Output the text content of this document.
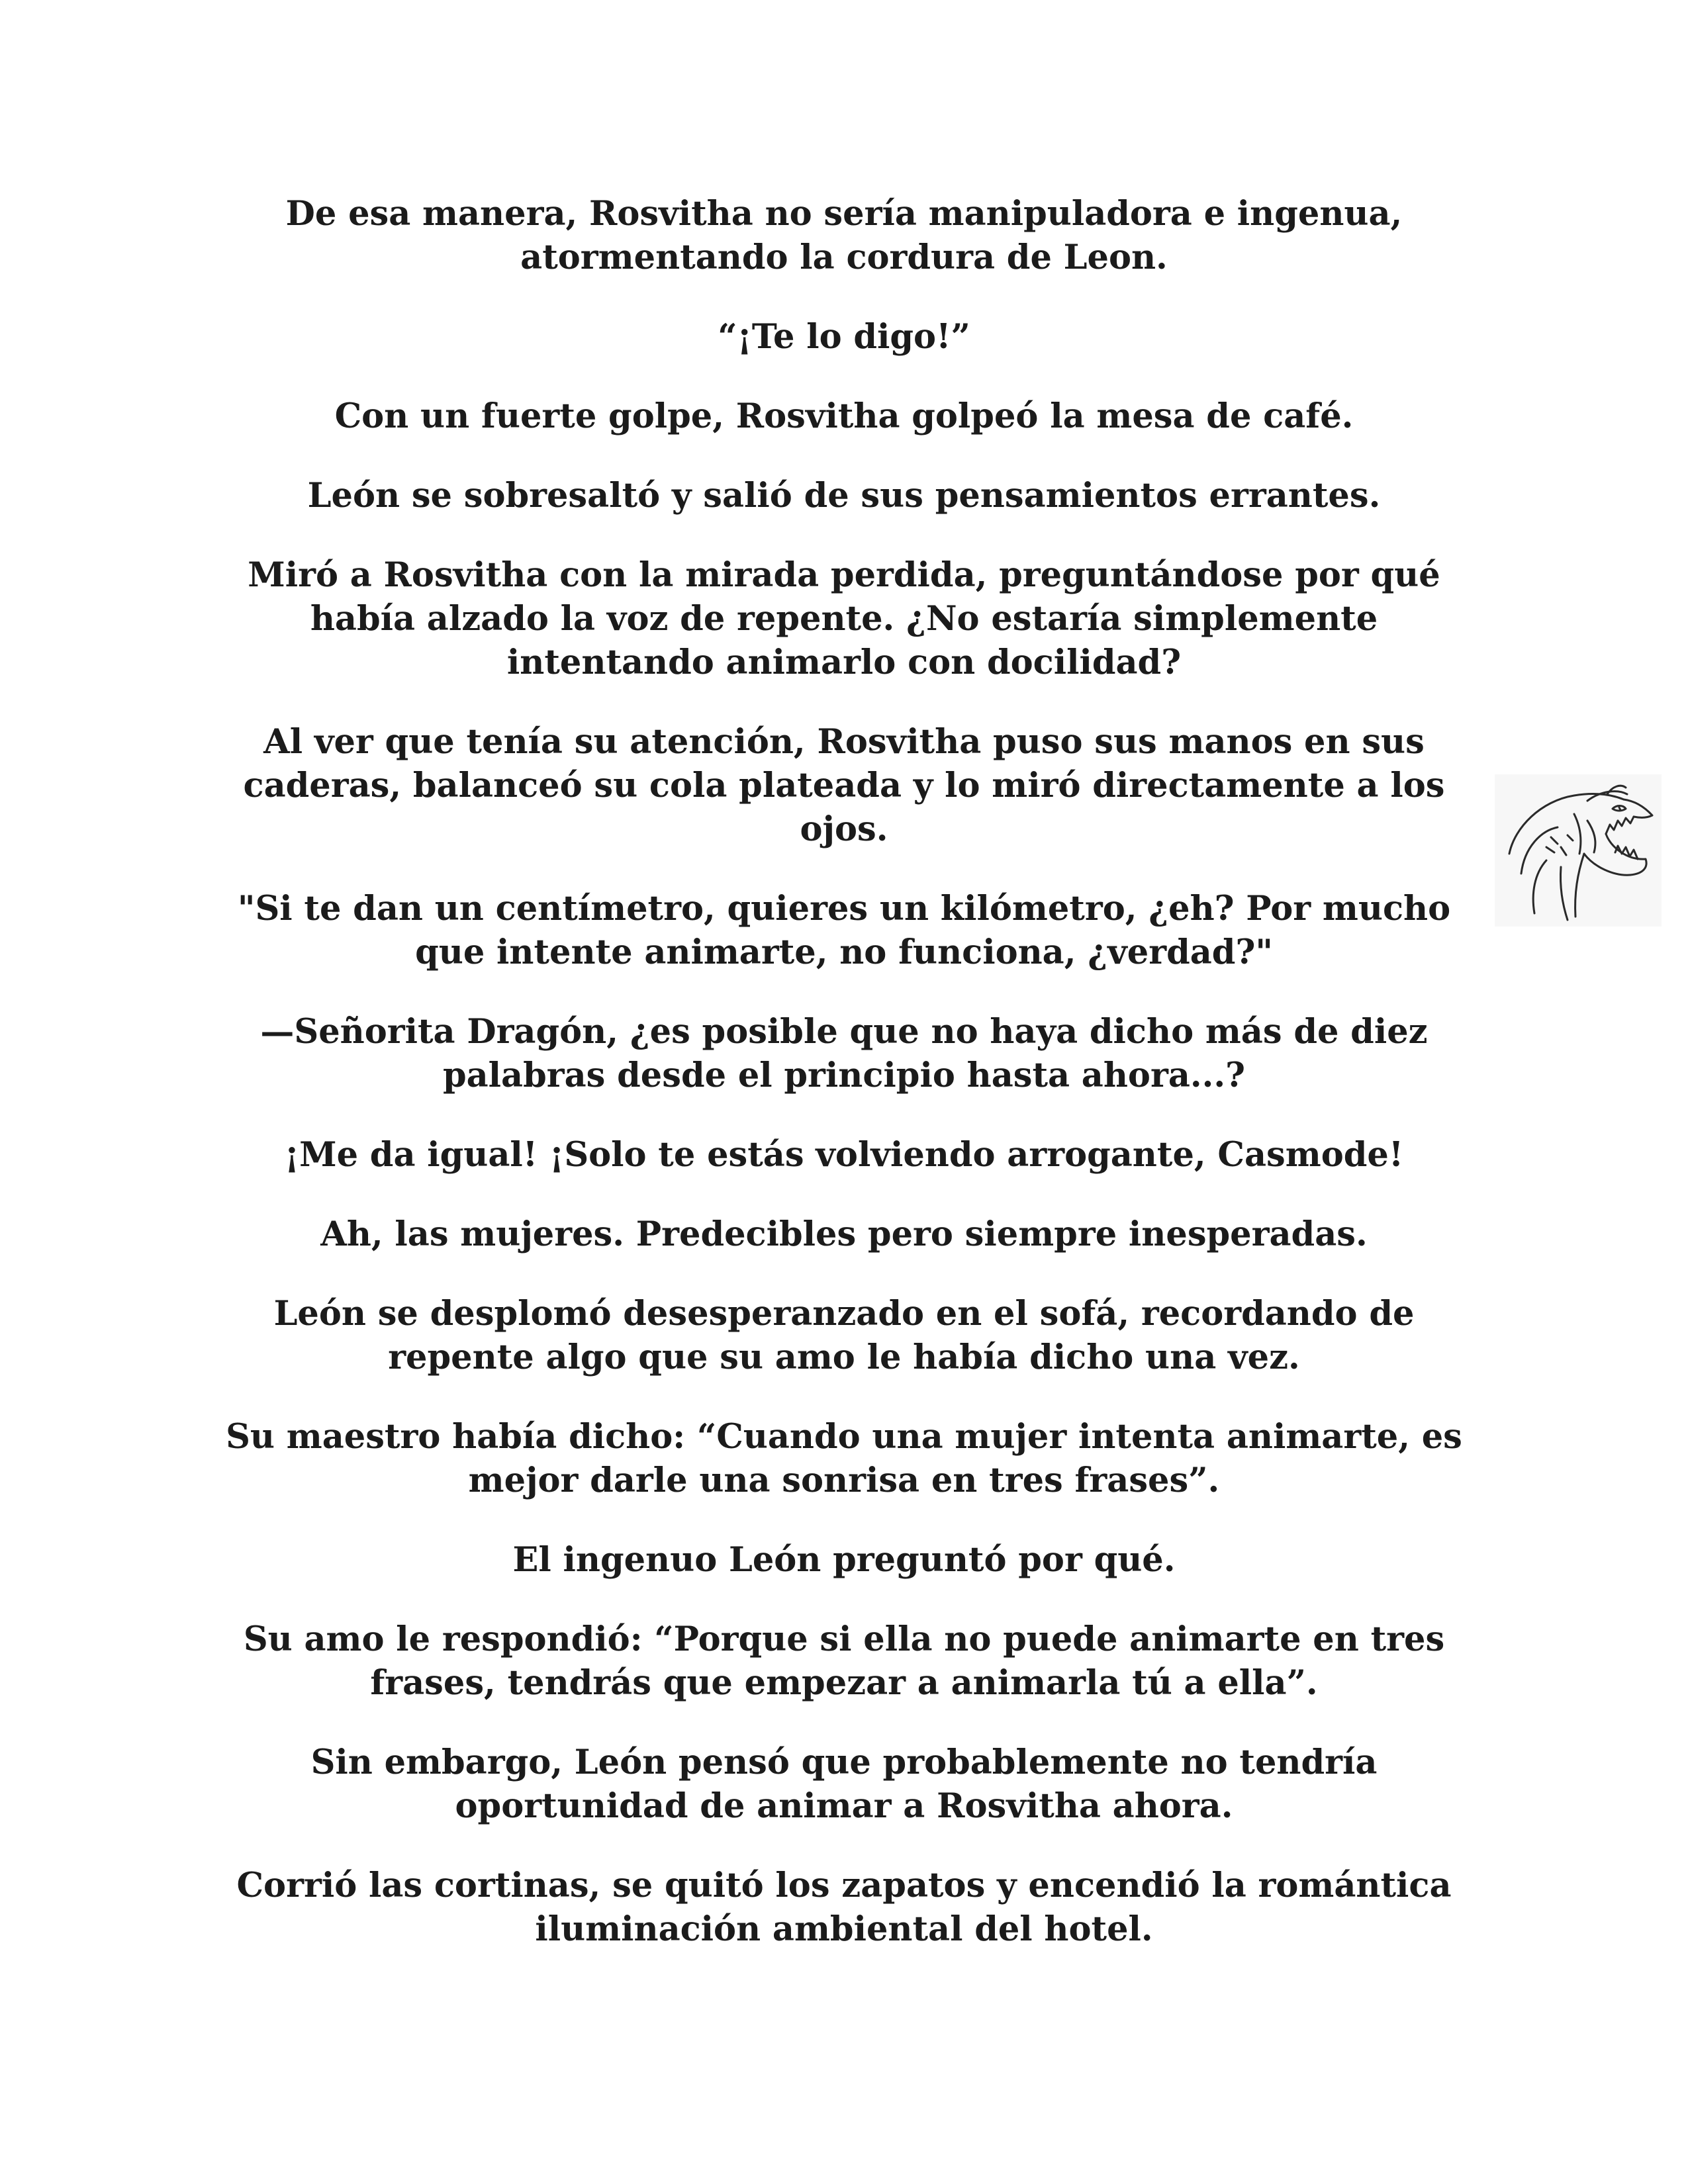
De esa manera, Rosvitha no sería manipuladora e ingenua, atormentando la cordura de Leon.

“¡Te lo digo!”

Con un fuerte golpe, Rosvitha golpeó la mesa de café.

León se sobresaltó y salió de sus pensamientos errantes.

Miró a Rosvitha con la mirada perdida, preguntándose por qué había alzado la voz de repente. ¿No estaría simplemente intentando animarlo con docilidad?

Al ver que tenía su atención, Rosvitha puso sus manos en sus caderas, balanceó su cola plateada y lo miró directamente a los ojos.

"Si te dan un centímetro, quieres un kilómetro, ¿eh? Por mucho que intente animarte, no funciona, ¿verdad?"

—Señorita Dragón, ¿es posible que no haya dicho más de diez palabras desde el principio hasta ahora...?

¡Me da igual! ¡Solo te estás volviendo arrogante, Casmode!

Ah, las mujeres. Predecibles pero siempre inesperadas.

León se desplomó desesperanzado en el sofá, recordando de repente algo que su amo le había dicho una vez.

Su maestro había dicho: “Cuando una mujer intenta animarte, es mejor darle una sonrisa en tres frases”.

El ingenuo León preguntó por qué.

Su amo le respondió: “Porque si ella no puede animarte en tres frases, tendrás que empezar a animarla tú a ella”.

Sin embargo, León pensó que probablemente no tendría oportunidad de animar a Rosvitha ahora.

Corrió las cortinas, se quitó los zapatos y encendió la romántica iluminación ambiental del hotel.
